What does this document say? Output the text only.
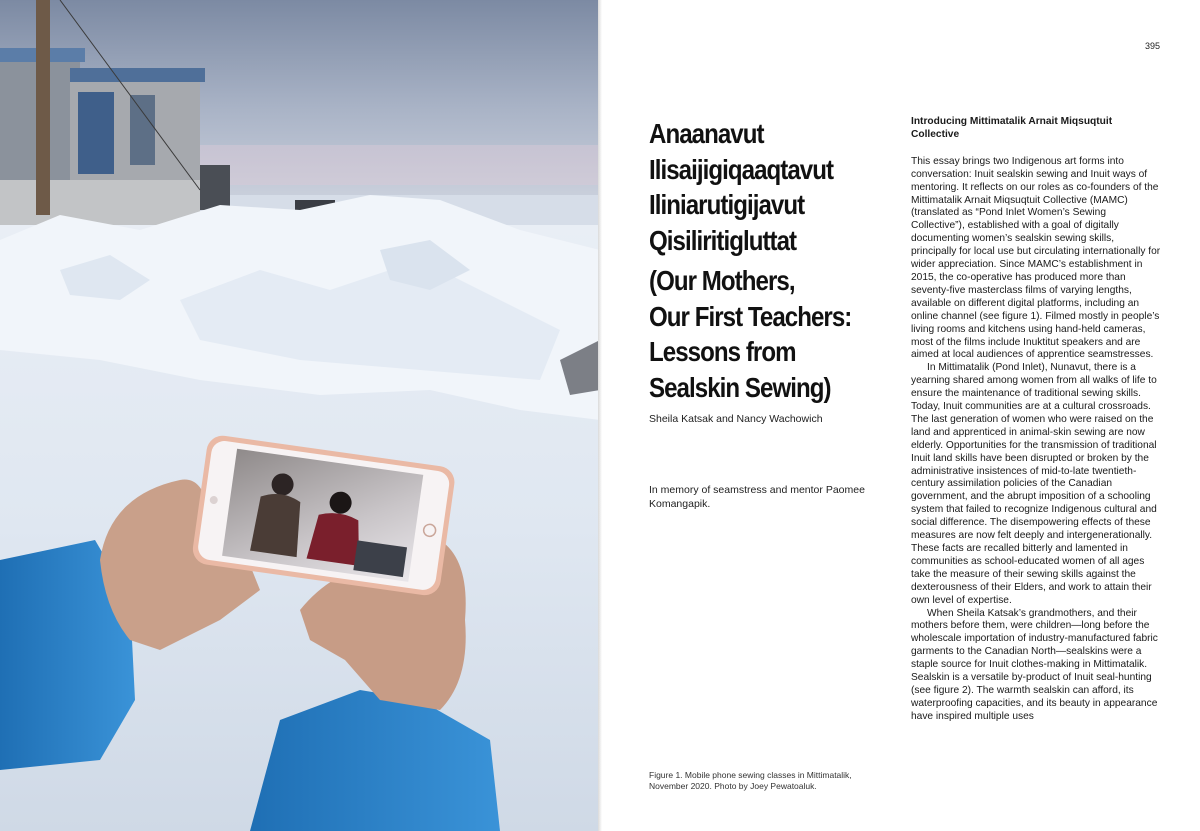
395
Anaanavut
Ilisaijigiqaaqtavut
Iliniarutigijavut
Qisiliritigluttat
(Our Mothers,
Our First Teachers:
Lessons from
Sealskin Sewing)
Sheila Katsak and Nancy Wachowich
In memory of seamstress and mentor Paomee Komangapik.
Figure 1. Mobile phone sewing classes in Mittimatalik, November 2020. Photo by Joey Pewatoaluk.
Introducing Mittimatalik Arnait Miqsuqtuit Collective

This essay brings two Indigenous art forms into conversation: Inuit sealskin sewing and Inuit ways of mentoring. It reflects on our roles as co-founders of the Mittimatalik Arnait Miqsuqtuit Collective (MAMC) (translated as “Pond Inlet Women’s Sewing Collective”), established with a goal of digitally documenting women’s sealskin sewing skills, principally for local use but circulating internationally for wider appreciation. Since MAMC’s establishment in 2015, the co-operative has produced more than seventy-five masterclass films of varying lengths, available on different digital platforms, including an online channel (see figure 1). Filmed mostly in people’s living rooms and kitchens using hand-held cameras, most of the films include Inuktitut speakers and are aimed at local audiences of apprentice seamstresses.

In Mittimatalik (Pond Inlet), Nunavut, there is a yearning shared among women from all walks of life to ensure the maintenance of traditional sewing skills. Today, Inuit communities are at a cultural crossroads. The last generation of women who were raised on the land and apprenticed in animal-skin sewing are now elderly. Opportunities for the transmission of traditional Inuit land skills have been disrupted or broken by the administrative insistences of mid-to-late twentieth-century assimilation policies of the Canadian government, and the abrupt imposition of a schooling system that failed to recognize Indigenous cultural and social difference. The disempowering effects of these measures are now felt deeply and intergenerationally. These facts are recalled bitterly and lamented in communities as school-educated women of all ages take the measure of their sewing skills against the dexterousness of their Elders, and work to attain their own level of expertise.

When Sheila Katsak’s grandmothers, and their mothers before them, were children—long before the wholescale importation of industry-manufactured fabric garments to the Canadian North—sealskins were a staple source for Inuit clothes-making in Mittimatalik. Sealskin is a versatile by-product of Inuit seal-hunting (see figure 2). The warmth sealskin can afford, its waterproofing capacities, and its beauty in appearance have inspired multiple uses
